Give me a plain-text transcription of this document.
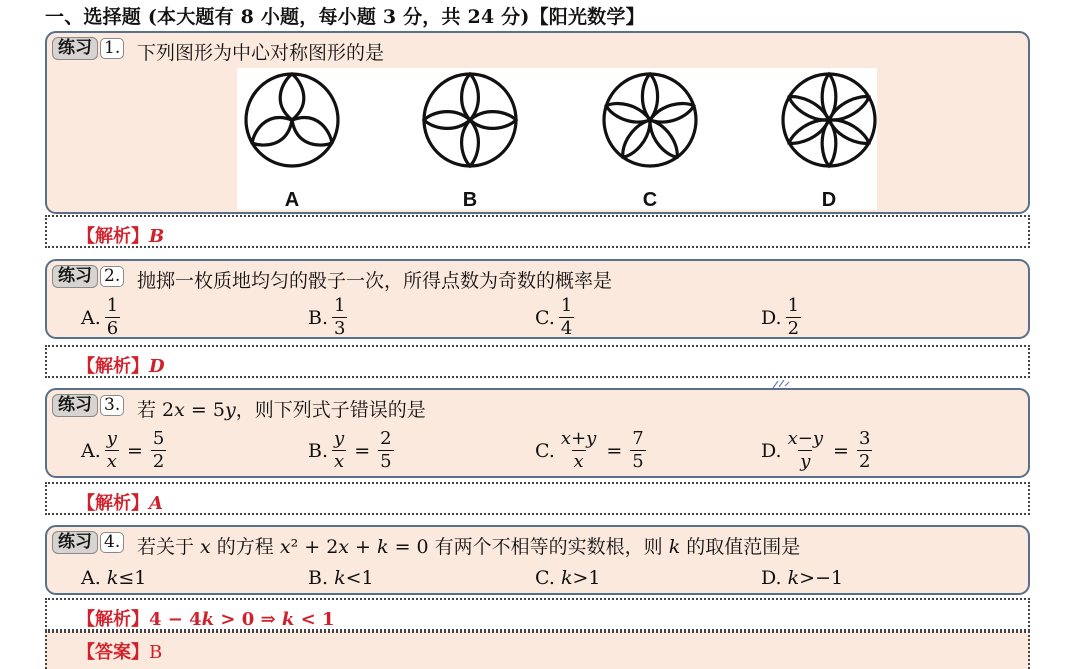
一、选择题 (本大题有 8 小题，每小题 3 分，共 24 分)【阳光数学】
练习 1. 下列图形为中心对称图形的是
A	B	C	D
【解析】B
练习 2. 抛掷一枚质地均匀的骰子一次，所得点数为奇数的概率是
A. $\frac{1}{6}$	B. $\frac{1}{3}$	C. $\frac{1}{4}$	D. $\frac{1}{2}$
【解析】D
练习 3. 若 2x = 5y，则下列式子错误的是
A. $\frac{y}{x} = \frac{5}{2}$	B. $\frac{y}{x} = \frac{2}{5}$	C. $\frac{x+y}{x} = \frac{7}{5}$	D. $\frac{x-y}{y} = \frac{3}{2}$
【解析】A
练习 4. 若关于 x 的方程 x² + 2x + k = 0 有两个不相等的实数根，则 k 的取值范围是
A.
k ≤1	B.
k <1	C.
k >1	D.
k >−1
【解析】4 − 4k > 0 ⇒ k < 1
【答案】B
